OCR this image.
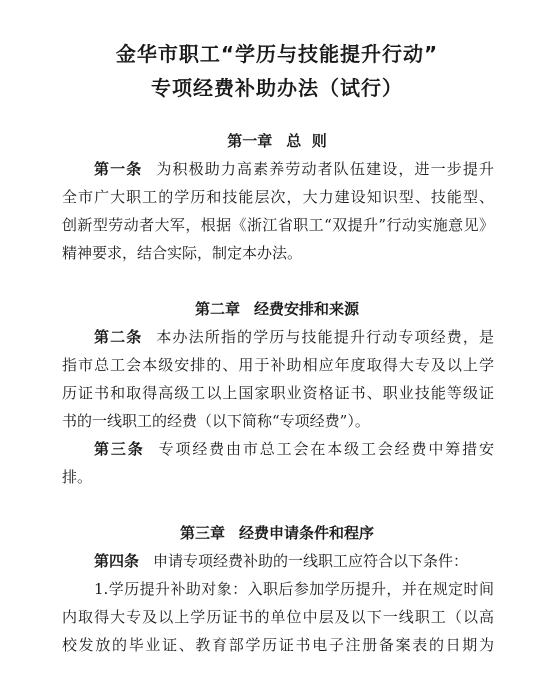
金华市职工“学历与技能提升行动”
专项经费补助办法（试行）
第一章 总  则
第一条 为积极助力高素养劳动者队伍建设，进一步提升
全市广大职工的学历和技能层次，大力建设知识型、技能型、
创新型劳动者大军，根据《浙江省职工“双提升”行动实施意见》
精神要求，结合实际，制定本办法。
第二章 经费安排和来源
第二条 本办法所指的学历与技能提升行动专项经费，是
指市总工会本级安排的、用于补助相应年度取得大专及以上学
历证书和取得高级工以上国家职业资格证书、职业技能等级证
书的一线职工的经费（以下简称“专项经费”）。
第三条 专项经费由市总工会在本级工会经费中筹措安
排。
第三章 经费申请条件和程序
第四条 申请专项经费补助的一线职工应符合以下条件：
1.学历提升补助对象：入职后参加学历提升，并在规定时间
内取得大专及以上学历证书的单位中层及以下一线职工（以高
校发放的毕业证、教育部学历证书电子注册备案表的日期为
